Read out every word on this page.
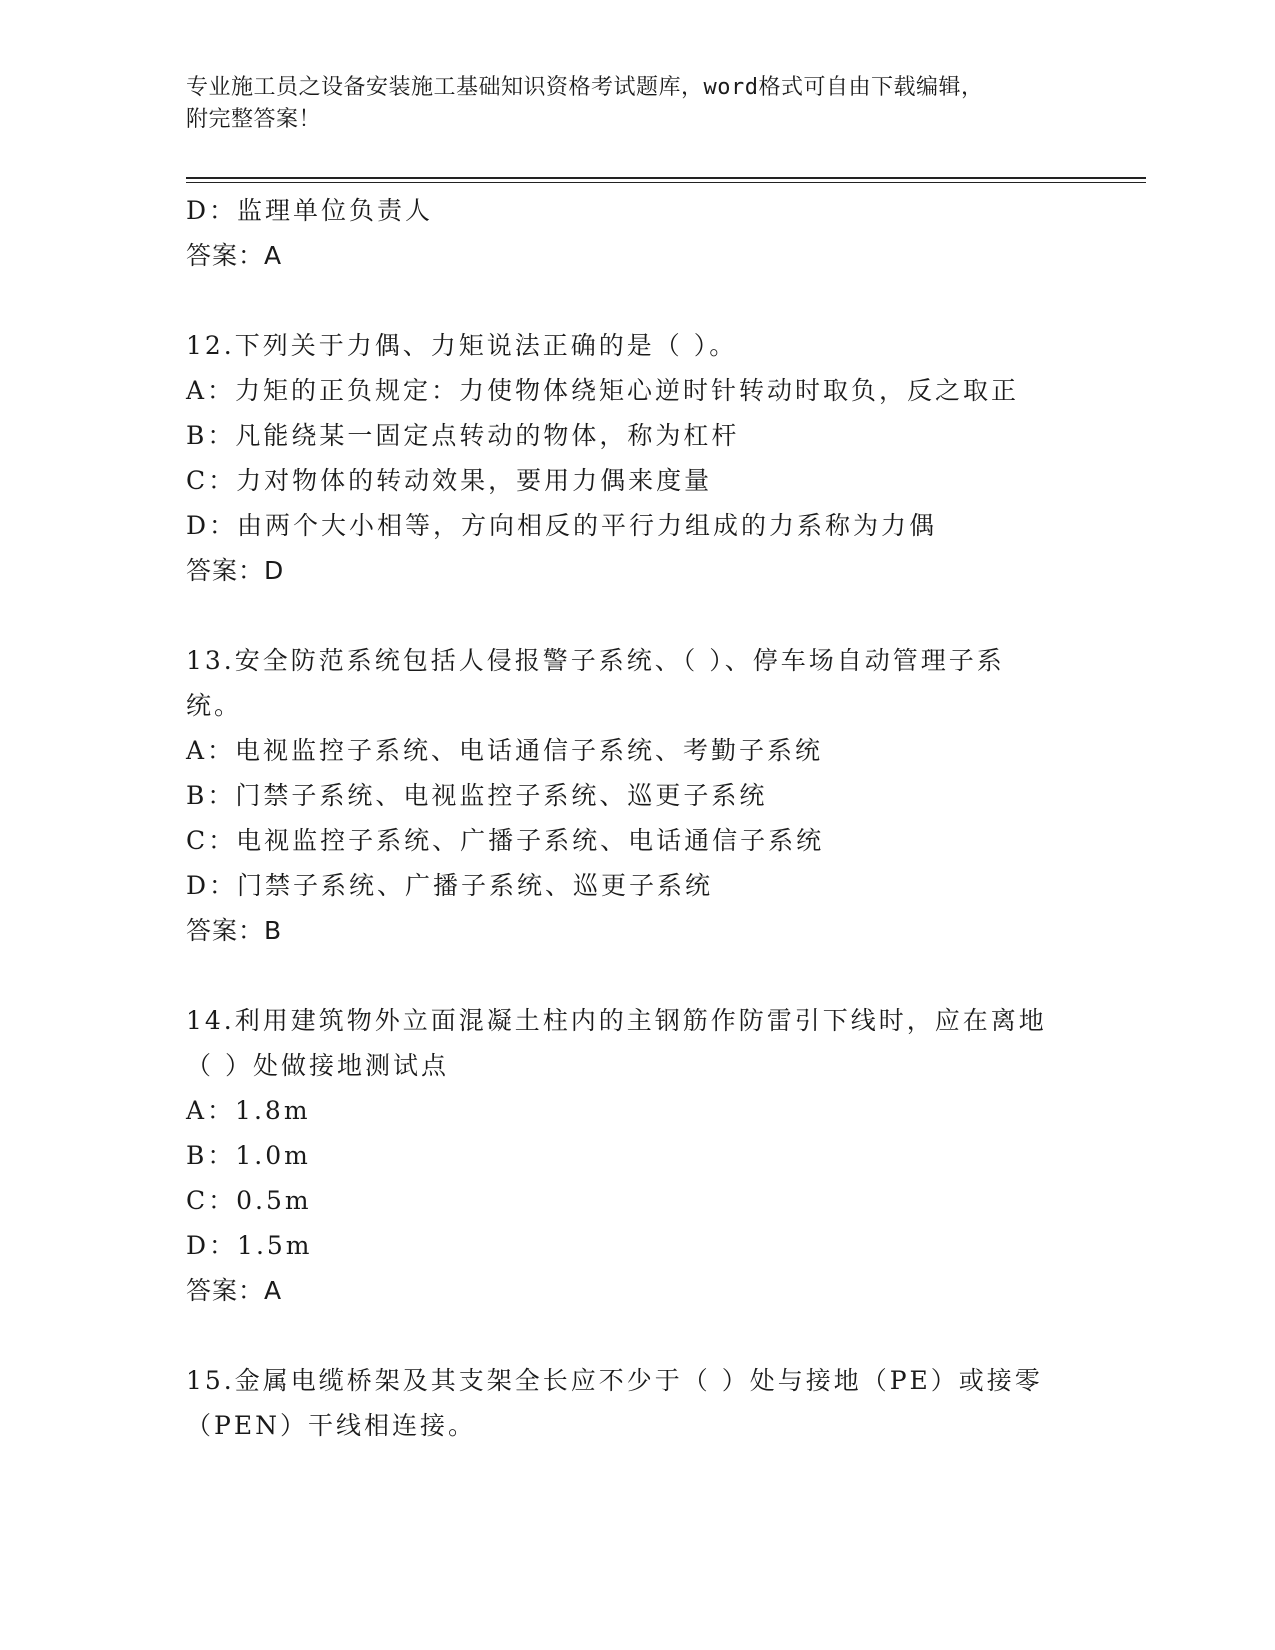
专业施工员之设备安装施工基础知识资格考试题库，word格式可自由下载编辑，
附完整答案！
D：监理单位负责人
答案：A
12.下列关于力偶、力矩说法正确的是（ ）。
A：力矩的正负规定：力使物体绕矩心逆时针转动时取负，反之取正
B：凡能绕某一固定点转动的物体，称为杠杆
C：力对物体的转动效果，要用力偶来度量
D：由两个大小相等，方向相反的平行力组成的力系称为力偶
答案：D
13.安全防范系统包括人侵报警子系统、（ ）、停车场自动管理子系
统。
A：电视监控子系统、电话通信子系统、考勤子系统
B：门禁子系统、电视监控子系统、巡更子系统
C：电视监控子系统、广播子系统、电话通信子系统
D：门禁子系统、广播子系统、巡更子系统
答案：B
14.利用建筑物外立面混凝土柱内的主钢筋作防雷引下线时，应在离地
（ ）处做接地测试点
A：1.8m
B：1.0m
C：0.5m
D：1.5m
答案：A
15.金属电缆桥架及其支架全长应不少于（ ）处与接地（PE）或接零
（PEN）干线相连接。
